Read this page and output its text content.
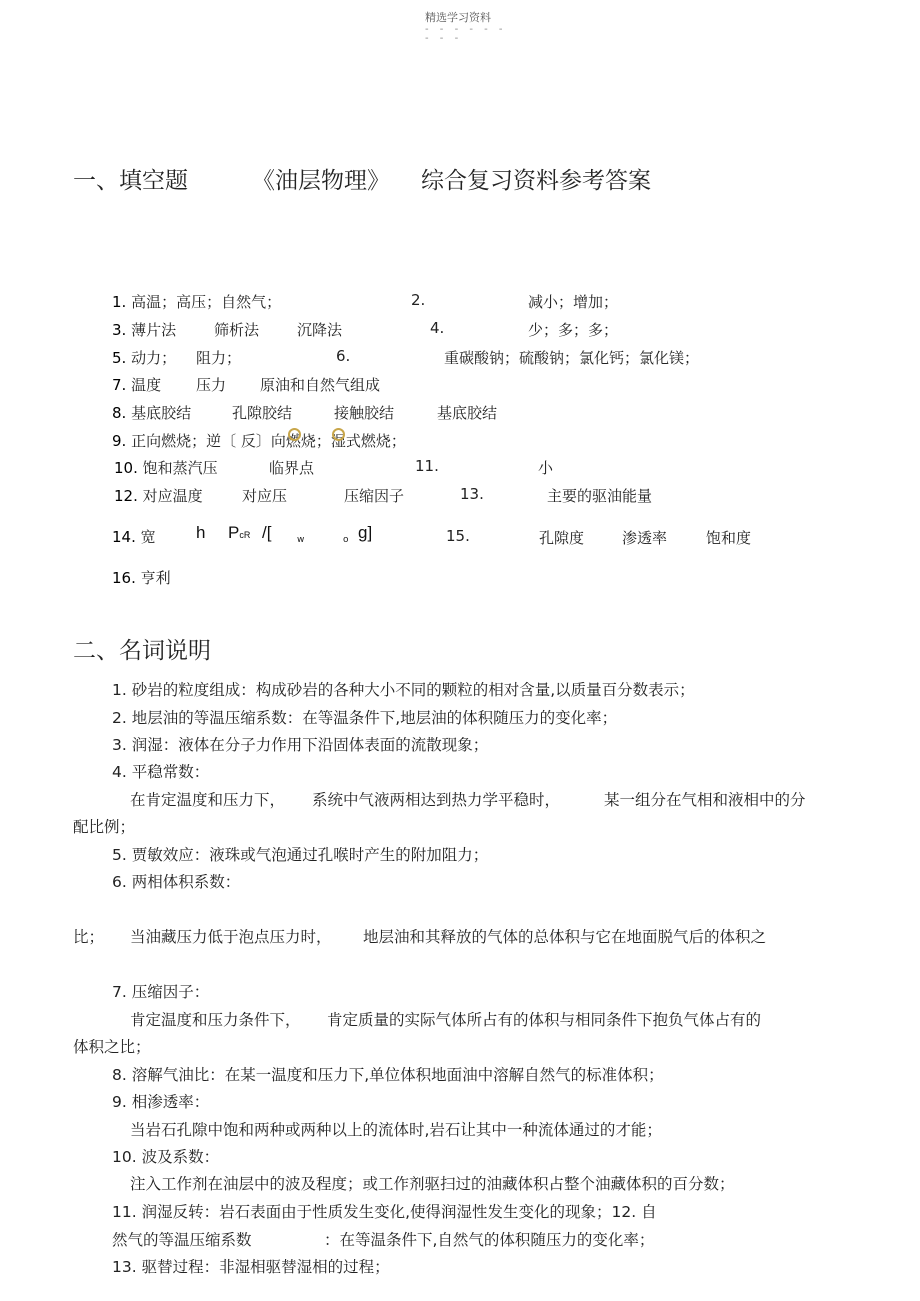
精选学习资料
- - - - - -
- - -
一、填空题	《油层物理》 综合复习资料参考答案
1. 高温；高压；自然气；	2.	减小；增加；
3. 薄片法	筛析法	沉降法	4.	少；多；多；
5. 动力； 阻力；	6.	重碳酸钠；硫酸钠；氯化钙；氯化镁；
7. 温度 压力 原油和自然气组成
8. 基底胶结	孔隙胶结	接触胶结	基底胶结
9. 正向燃烧；逆〔 反〕向燃烧；湿式燃烧；
10. 饱和蒸汽压	临界点	11.	小
12. 对应温度	对应压	压缩因子	13.	主要的驱油能量
14. 宽 h PcR /[	w	o g]	15.	孔隙度	渗透率	饱和度
16. 亨利
二、名词说明
1. 砂岩的粒度组成：构成砂岩的各种大小不同的颗粒的相对含量,以质量百分数表示；
2. 地层油的等温压缩系数：在等温条件下,地层油的体积随压力的变化率；
3. 润湿：液体在分子力作用下沿固体表面的流散现象；
4. 平稳常数：
在肯定温度和压力下， 系统中气液两相达到热力学平稳时，	某一组分在气相和液相中的分
配比例；
5. 贾敏效应：液珠或气泡通过孔喉时产生的附加阻力；
6. 两相体积系数：
比； 当油藏压力低于泡点压力时， 地层油和其释放的气体的总体积与它在地面脱气后的体积之
7. 压缩因子：
肯定温度和压力条件下， 肯定质量的实际气体所占有的体积与相同条件下抱负气体占有的
体积之比；
8. 溶解气油比：在某一温度和压力下,单位体积地面油中溶解自然气的标准体积；
9. 相渗透率：
当岩石孔隙中饱和两种或两种以上的流体时,岩石让其中一种流体通过的才能；
10. 波及系数：
注入工作剂在油层中的波及程度；或工作剂驱扫过的油藏体积占整个油藏体积的百分数；
11. 润湿反转：岩石表面由于性质发生变化,使得润湿性发生变化的现象；12. 自
然气的等温压缩系数	：在等温条件下,自然气的体积随压力的变化率；
13. 驱替过程：非湿相驱替湿相的过程；
